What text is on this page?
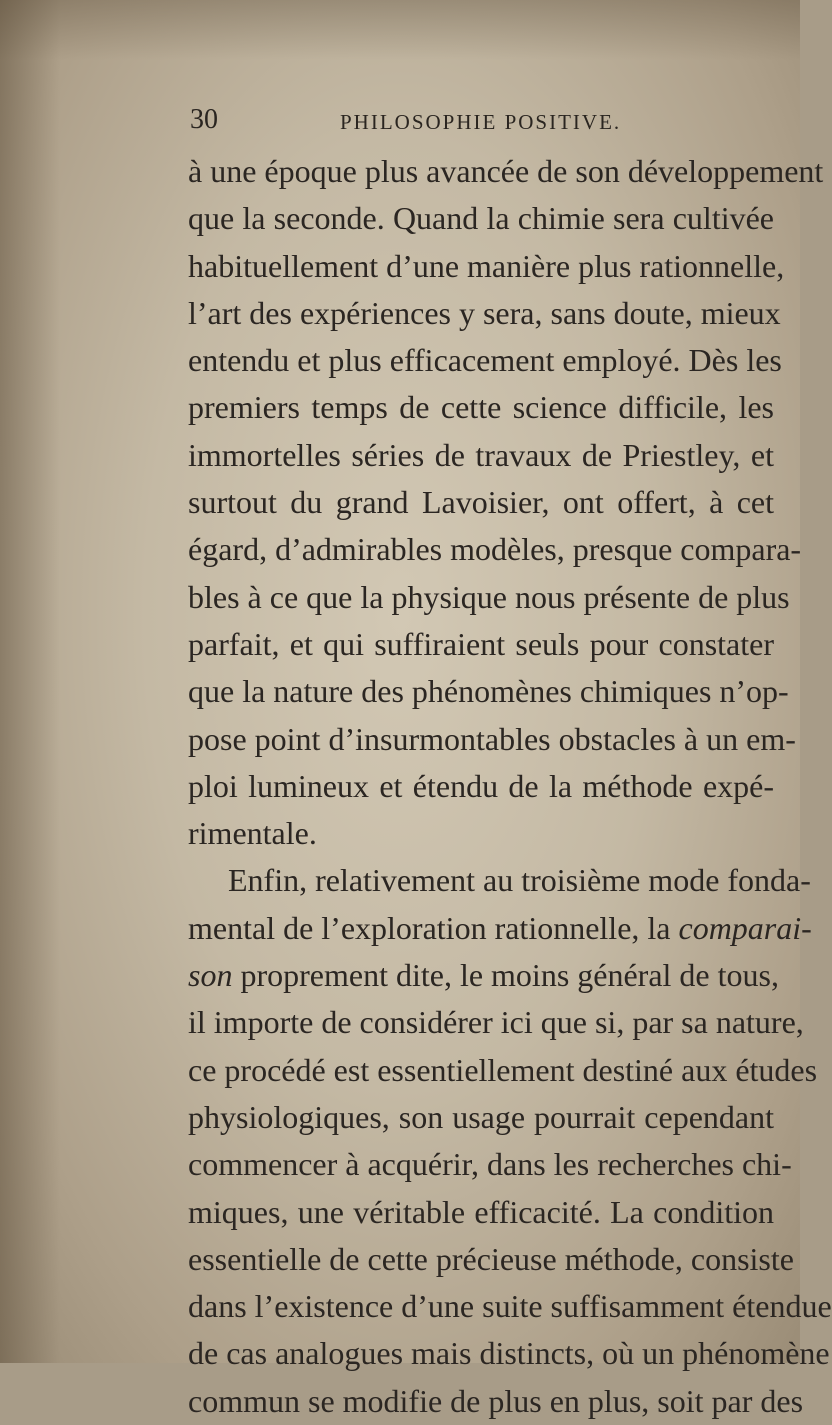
30	PHILOSOPHIE POSITIVE.
à une époque plus avancée de son développement
que la seconde. Quand la chimie sera cultivée
habituellement d’une manière plus rationnelle,
l’art des expériences y sera, sans doute, mieux
entendu et plus efficacement employé. Dès les
premiers temps de cette science difficile, les
immortelles séries de travaux de Priestley, et
surtout du grand Lavoisier, ont offert, à cet
égard, d’admirables modèles, presque compara-
bles à ce que la physique nous présente de plus
parfait, et qui suffiraient seuls pour constater
que la nature des phénomènes chimiques n’op-
pose point d’insurmontables obstacles à un em-
ploi lumineux et étendu de la méthode expé-
rimentale.
Enfin, relativement au troisième mode fonda-
mental de l’exploration rationnelle, la comparai-
son proprement dite, le moins général de tous,
il importe de considérer ici que si, par sa nature,
ce procédé est essentiellement destiné aux études
physiologiques, son usage pourrait cependant
commencer à acquérir, dans les recherches chi-
miques, une véritable efficacité. La condition
essentielle de cette précieuse méthode, consiste
dans l’existence d’une suite suffisamment étendue
de cas analogues mais distincts, où un phénomène
commun se modifie de plus en plus, soit par des
